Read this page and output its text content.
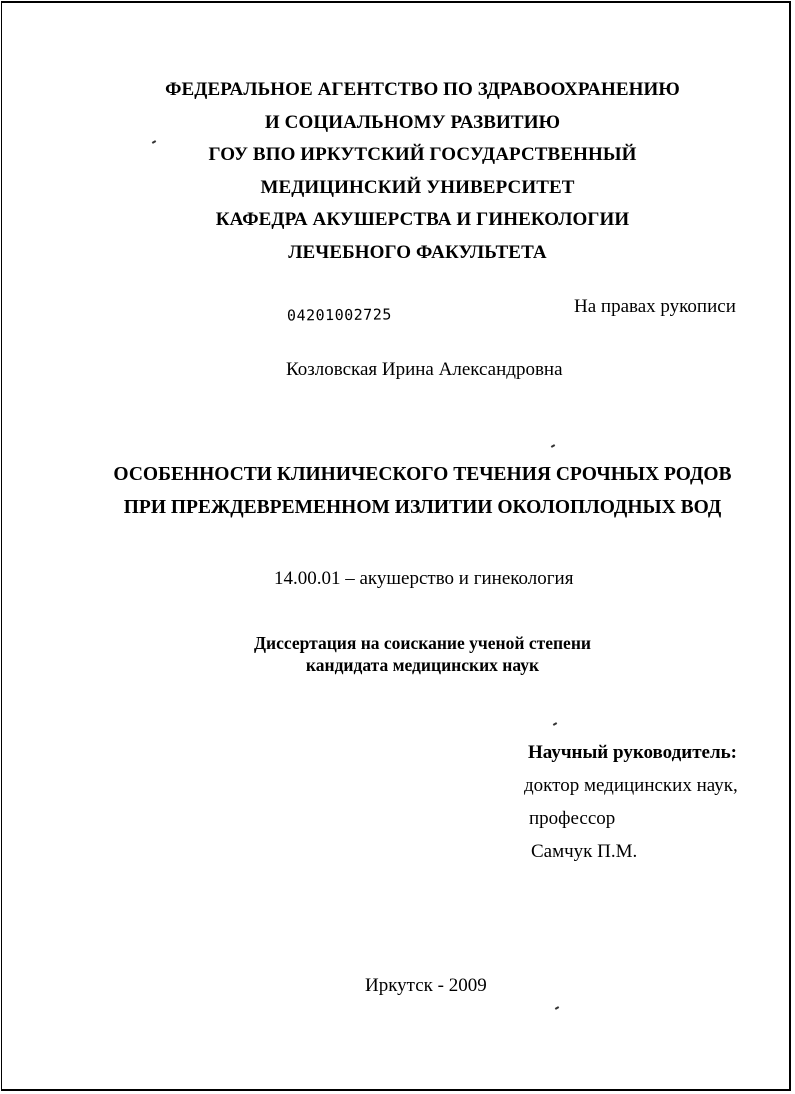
ФЕДЕРАЛЬНОЕ АГЕНТСТВО ПО ЗДРАВООХРАНЕНИЮ
И СОЦИАЛЬНОМУ РАЗВИТИЮ
ГОУ ВПО ИРКУТСКИЙ ГОСУДАРСТВЕННЫЙ
МЕДИЦИНСКИЙ УНИВЕРСИТЕТ
КАФЕДРА АКУШЕРСТВА И ГИНЕКОЛОГИИ
ЛЕЧЕБНОГО ФАКУЛЬТЕТА
04201002725	На правах рукописи
Козловская Ирина Александровна
ОСОБЕННОСТИ КЛИНИЧЕСКОГО ТЕЧЕНИЯ СРОЧНЫХ РОДОВ
ПРИ ПРЕЖДЕВРЕМЕННОМ ИЗЛИТИИ ОКОЛОПЛОДНЫХ ВОД
14.00.01 – акушерство и гинекология
Диссертация на соискание ученой степени
кандидата медицинских наук
Научный руководитель:
доктор медицинских наук,
профессор
Самчук П.М.
Иркутск - 2009
